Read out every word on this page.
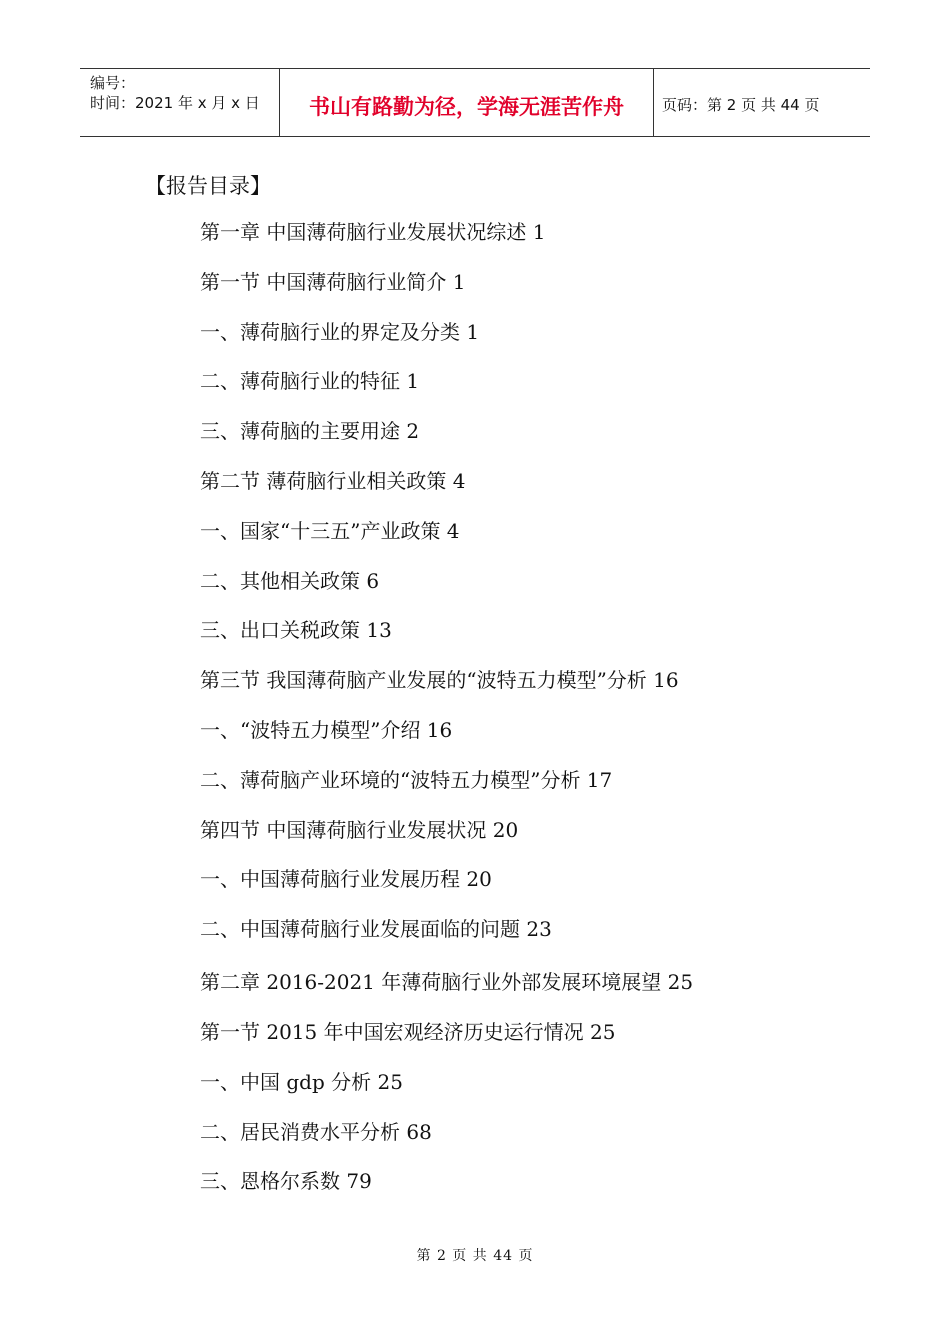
编号：
时间：2021 年 x 月 x 日	书山有路勤为径，学海无涯苦作舟	页码：第 2 页 共 44 页
【报告目录】
第一章 中国薄荷脑行业发展状况综述 1
第一节 中国薄荷脑行业简介 1
一、薄荷脑行业的界定及分类 1
二、薄荷脑行业的特征 1
三、薄荷脑的主要用途 2
第二节 薄荷脑行业相关政策 4
一、国家“十三五”产业政策 4
二、其他相关政策 6
三、出口关税政策 13
第三节 我国薄荷脑产业发展的“波特五力模型”分析 16
一、“波特五力模型”介绍 16
二、薄荷脑产业环境的“波特五力模型”分析 17
第四节 中国薄荷脑行业发展状况 20
一、中国薄荷脑行业发展历程 20
二、中国薄荷脑行业发展面临的问题 23
第二章 2016-2021 年薄荷脑行业外部发展环境展望 25
第一节 2015 年中国宏观经济历史运行情况 25
一、中国 gdp 分析 25
二、居民消费水平分析 68
三、恩格尔系数 79
第 2 页 共 44 页
